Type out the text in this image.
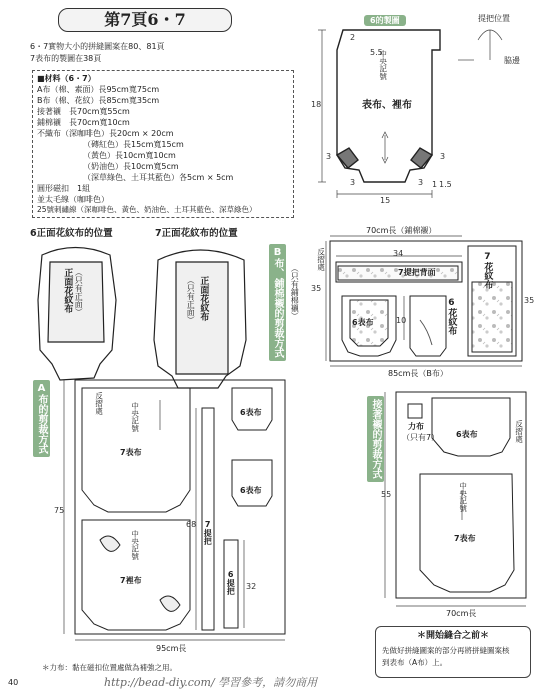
第7頁6・7
6・7實物大小的拼縫圖案在80、81頁
7表布的製圖在38頁
■材料（6・7）
A布（棉、素面）長95cm寬75cm
B布（棉、花紋）長85cm寬35cm
接著襯　長70cm寬55cm
鋪棉襯　長70cm寬10cm
不織布（深咖啡色）長20cm × 20cm
（磚紅色）長15cm寬15cm
（黃色）長10cm寬10cm
（奶油色）長10cm寬5cm
（深草綠色、土耳其藍色）各5cm × 5cm
圓形磁扣　1組
並太毛線（咖啡色）
25號刺繡線（深咖啡色、黃色、奶油色、土耳其藍色、深草綠色）
6的製圖	提把位置
脇邊
中央記號
表布、裡布
5.5
2
18
3
3	3
3
1 1.5
15
6正面花紋布的位置	7正面花紋布的位置
正面花紋布 （只有正面）	正面花紋布
（只有正面）	B布、鋪棉襯的剪裁方式 （只有鋪棉襯）
70cm長（鋪棉襯）
反摺處	34
7提把背面	7花紋布
6表布	6花紋布
10
35
35
85cm長（B布）
接著襯的剪裁方式	反摺處
力布
（只有7） 6表布
中央記號
7表布
55
70cm長
A布的剪裁方式	反摺處	中央記號
7表布
中央記號
7裡布
7提把
6表布
6表布
6提把
75
68
32
95cm長
＊開始縫合之前＊
先做好拼縫圖案的部分再將拼縫圖案核
到表布（A布）上。
40
＊力布：黏在磁扣位置處做為補強之用。
http://bead-diy.com/ 學習參考，請勿商用
